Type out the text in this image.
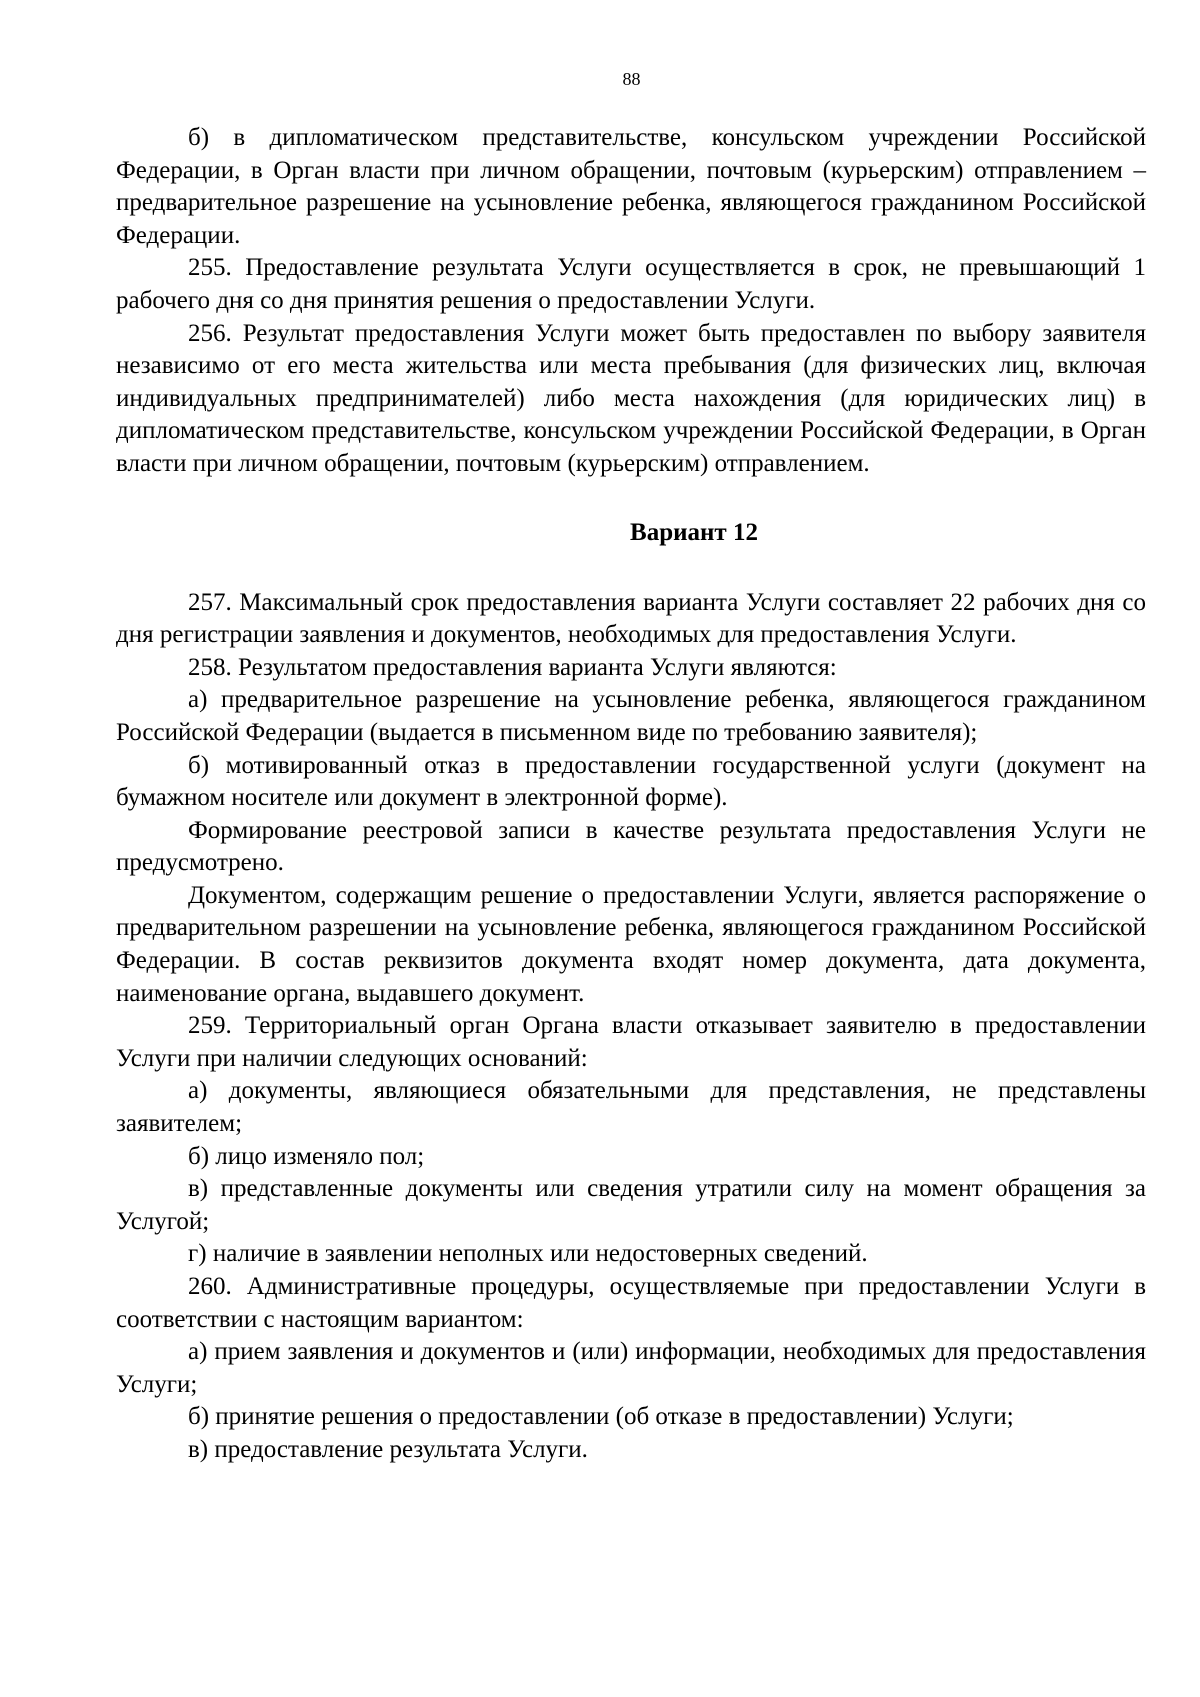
88

б) в дипломатическом представительстве, консульском учреждении Российской Федерации, в Орган власти при личном обращении, почтовым (курьерским) отправлением – предварительное разрешение на усыновление ребенка, являющегося гражданином Российской Федерации.

255. Предоставление результата Услуги осуществляется в срок, не превышающий 1 рабочего дня со дня принятия решения о предоставлении Услуги.

256. Результат предоставления Услуги может быть предоставлен по выбору заявителя независимо от его места жительства или места пребывания (для физических лиц, включая индивидуальных предпринимателей) либо места нахождения (для юридических лиц) в дипломатическом представительстве, консульском учреждении Российской Федерации, в Орган власти при личном обращении, почтовым (курьерским) отправлением.

Вариант 12

257. Максимальный срок предоставления варианта Услуги составляет 22 рабочих дня со дня регистрации заявления и документов, необходимых для предоставления Услуги.

258. Результатом предоставления варианта Услуги являются:

а) предварительное разрешение на усыновление ребенка, являющегося гражданином Российской Федерации (выдается в письменном виде по требованию заявителя);

б) мотивированный отказ в предоставлении государственной услуги (документ на бумажном носителе или документ в электронной форме).

Формирование реестровой записи в качестве результата предоставления Услуги не предусмотрено.

Документом, содержащим решение о предоставлении Услуги, является распоряжение о предварительном разрешении на усыновление ребенка, являющегося гражданином Российской Федерации. В состав реквизитов документа входят номер документа, дата документа, наименование органа, выдавшего документ.

259. Территориальный орган Органа власти отказывает заявителю в предоставлении Услуги при наличии следующих оснований:

а) документы, являющиеся обязательными для представления, не представлены заявителем;

б) лицо изменяло пол;

в) представленные документы или сведения утратили силу на момент обращения за Услугой;

г) наличие в заявлении неполных или недостоверных сведений.

260. Административные процедуры, осуществляемые при предоставлении Услуги в соответствии с настоящим вариантом:

а) прием заявления и документов и (или) информации, необходимых для предоставления Услуги;

б) принятие решения о предоставлении (об отказе в предоставлении) Услуги;

в) предоставление результата Услуги.
